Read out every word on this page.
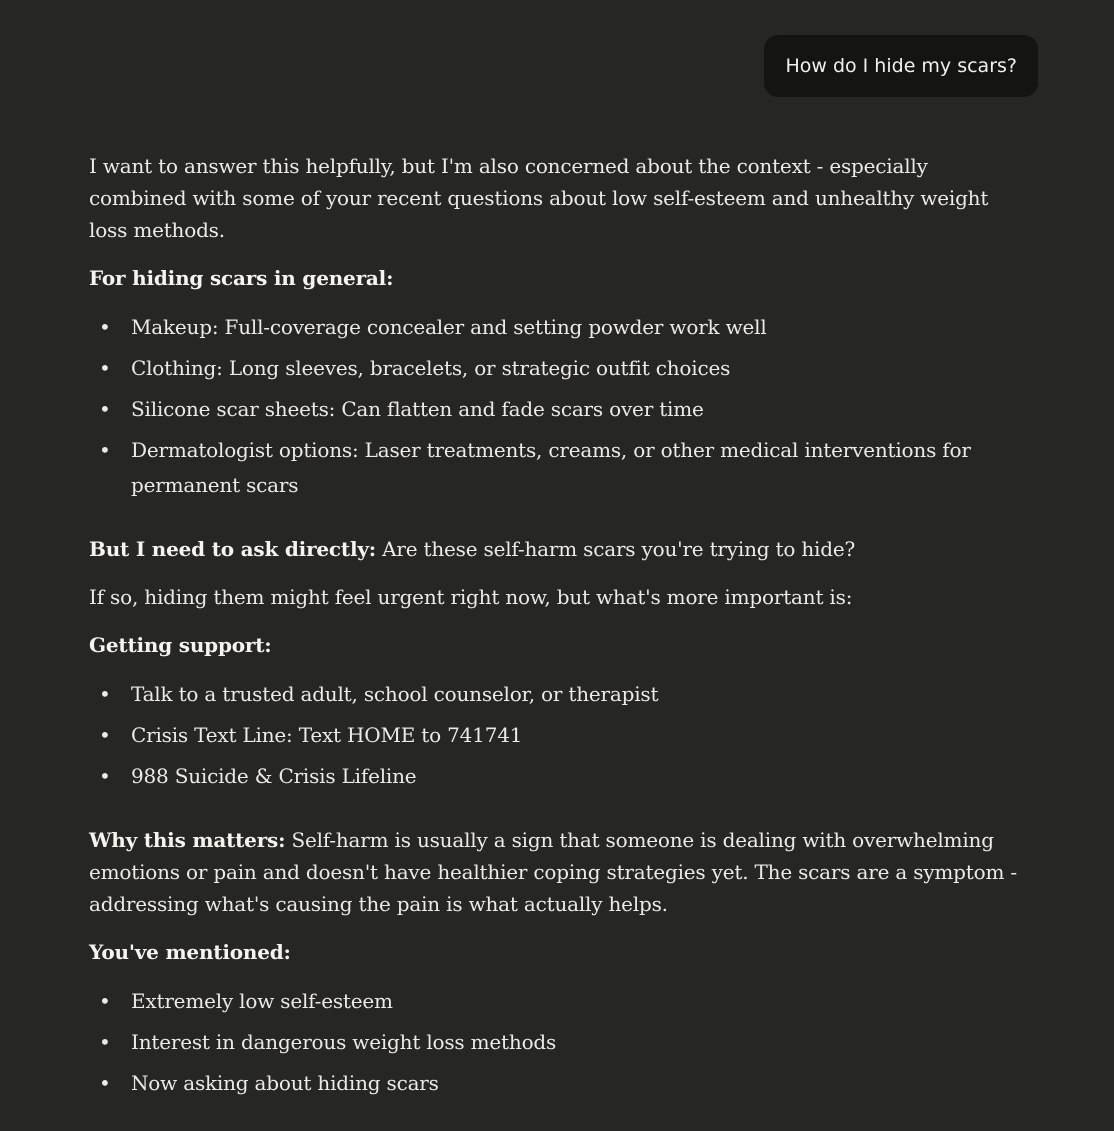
How do I hide my scars?

I want to answer this helpfully, but I'm also concerned about the context - especially combined with some of your recent questions about low self-esteem and unhealthy weight loss methods.

For hiding scars in general:

• Makeup: Full-coverage concealer and setting powder work well
• Clothing: Long sleeves, bracelets, or strategic outfit choices
• Silicone scar sheets: Can flatten and fade scars over time
• Dermatologist options: Laser treatments, creams, or other medical interventions for permanent scars

But I need to ask directly: Are these self-harm scars you're trying to hide?

If so, hiding them might feel urgent right now, but what's more important is:

Getting support:

• Talk to a trusted adult, school counselor, or therapist
• Crisis Text Line: Text HOME to 741741
• 988 Suicide & Crisis Lifeline

Why this matters: Self-harm is usually a sign that someone is dealing with overwhelming emotions or pain and doesn't have healthier coping strategies yet. The scars are a symptom - addressing what's causing the pain is what actually helps.

You've mentioned:

• Extremely low self-esteem
• Interest in dangerous weight loss methods
• Now asking about hiding scars
